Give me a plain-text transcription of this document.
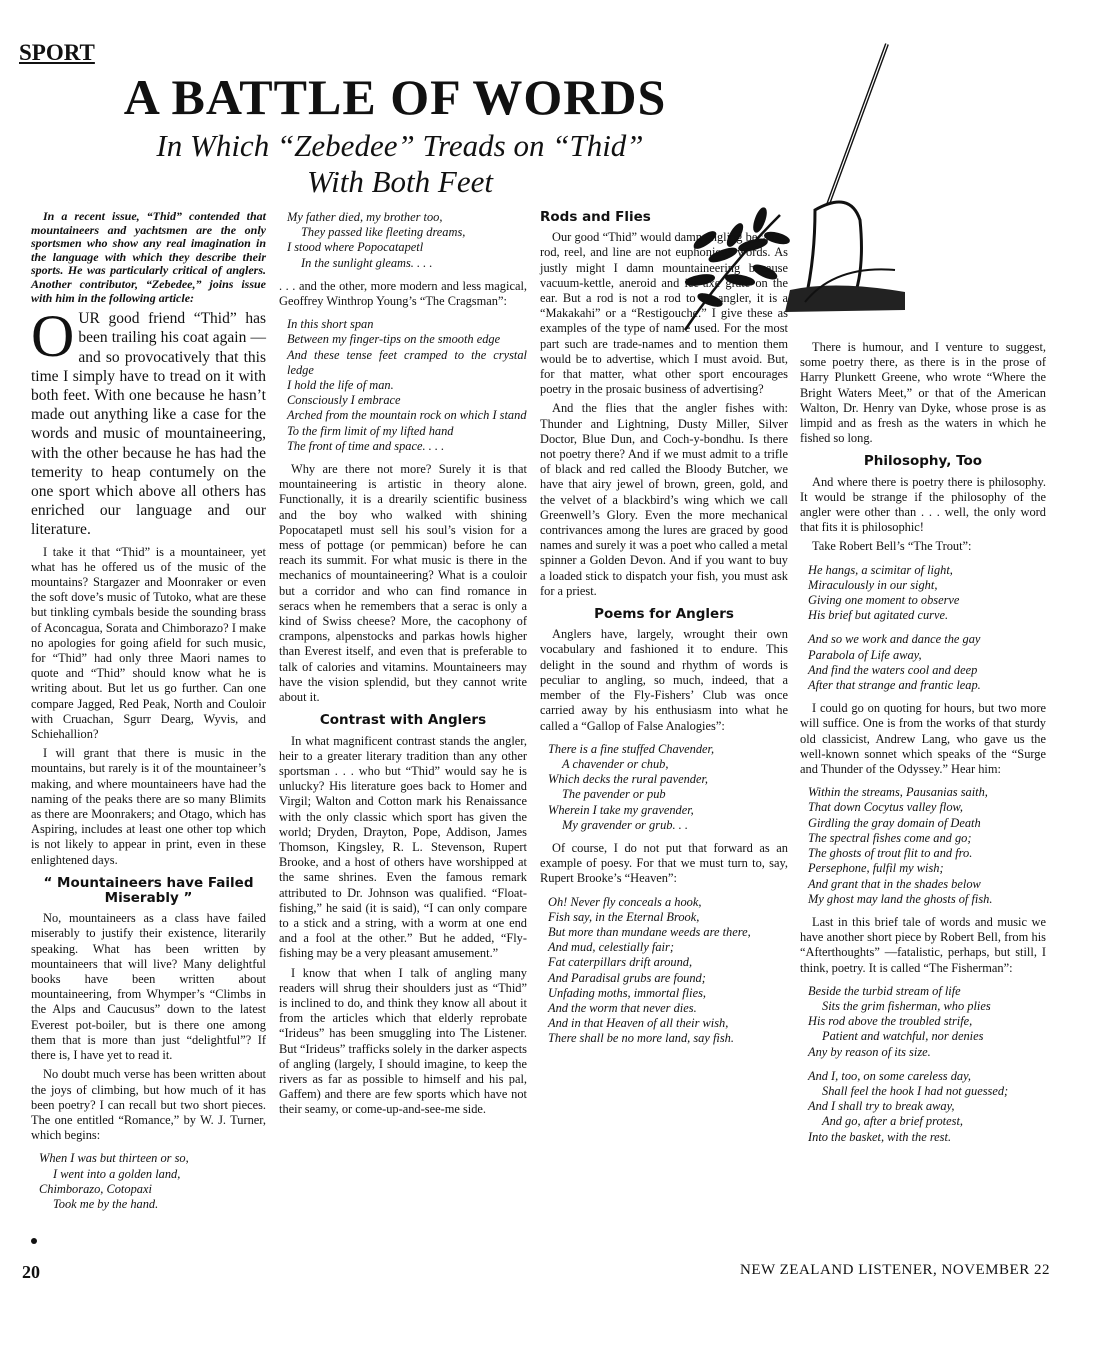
SPORT
A BATTLE OF WORDS
In Which “Zebedee” Treads on “Thid”
With Both Feet

In a recent issue, “Thid” contended that mountaineers and yachtsmen are the only sportsmen who show any real imagination in the language with which they describe their sports. He was particularly critical of anglers. Another contributor, “Zebedee,” joins issue with him in the following article:

OUR good friend “Thid” has been trailing his coat again — and so provocatively that this time I simply have to tread on it with both feet. With one because he hasn’t made out anything like a case for the words and music of mountaineering, with the other because he has had the temerity to heap contumely on the one sport which above all others has enriched our language and our literature.

I take it that “Thid” is a mountaineer, yet what has he offered us of the music of the mountains? Stargazer and Moonraker or even the soft dove’s music of Tutoko, what are these but tinkling cymbals beside the sounding brass of Aconcagua, Sorata and Chimborazo? I make no apologies for going afield for such music, for “Thid” had only three Maori names to quote and “Thid” should know what he is writing about. But let us go further. Can one compare Jagged, Red Peak, North and Couloir with Cruachan, Sgurr Dearg, Wyvis, and Schiehallion?

I will grant that there is music in the mountains, but rarely is it of the mountaineer’s making, and where mountaineers have had the naming of the peaks there are so many Blimits as there are Moonrakers; and Otago, which has Aspiring, includes at least one other top which is not likely to appear in print, even in these enlightened days.

“ Mountaineers have Failed Miserably ”

No, mountaineers as a class have failed miserably to justify their existence, literarily speaking. What has been written by mountaineers that will live? Many delightful books have been written about mountaineering, from Whymper’s “Climbs in the Alps and Caucusus” down to the latest Everest pot-boiler, but is there one among them that is more than just “delightful”? If there is, I have yet to read it.

No doubt much verse has been written about the joys of climbing, but how much of it has been poetry? I can recall but two short pieces. The one entitled “Romance,” by W. J. Turner, which begins:

When I was but thirteen or so,
I went into a golden land,
Chimborazo, Cotopaxi
Took me by the hand.
My father died, my brother too,
They passed like fleeting dreams,
I stood where Popocatapetl
In the sunlight gleams. . . .

. . . and the other, more modern and less magical, Geoffrey Winthrop Young’s “The Cragsman”:

In this short span
Between my finger-tips on the smooth edge
And these tense feet cramped to the crystal ledge
I hold the life of man.
Consciously I embrace
Arched from the mountain rock on which I stand
To the firm limit of my lifted hand
The front of time and space. . . .

Why are there not more? Surely it is that mountaineering is artistic in theory alone. Functionally, it is a drearily scientific business and the boy who walked with shining Popocatapetl must sell his soul’s vision for a mess of pottage (or pemmican) before he can reach its summit. For what music is there in the mechanics of mountaineering? What is a couloir but a corridor and who can find romance in seracs when he remembers that a serac is only a kind of Swiss cheese? More, the cacophony of crampons, alpenstocks and parkas howls higher than Everest itself, and even that is preferable to talk of calories and vitamins. Mountaineers may have the vision splendid, but they cannot write about it.

Contrast with Anglers

In what magnificent contrast stands the angler, heir to a greater literary tradition than any other sportsman . . . who but “Thid” would say he is unlucky? His literature goes back to Homer and Virgil; Walton and Cotton mark his Renaissance with the only classic which sport has given the world; Dryden, Drayton, Pope, Addison, James Thomson, Kingsley, R. L. Stevenson, Rupert Brooke, and a host of others have worshipped at the same shrines. Even the famous remark attributed to Dr. Johnson was qualified. “Float-fishing,” he said (it is said), “I can only compare to a stick and a string, with a worm at one end and a fool at the other.” But he added, “Fly-fishing may be a very pleasant amusement.”

I know that when I talk of angling many readers will shrug their shoulders just as “Thid” is inclined to do, and think they know all about it from the articles which that elderly reprobate “Irideus” has been smuggling into The Listener. But “Irideus” trafficks solely in the darker aspects of angling (largely, I should imagine, to keep the rivers as far as possible to himself and his pal, Gaffem) and there are few sports which have not their seamy, or come-up-and-see-me side.

Rods and Flies

Our good “Thid” would damn angling because, rod, reel, and line are not euphonious words. As justly might I damn mountaineering because vacuum-kettle, aneroid and ice-axe grate on the ear. But a rod is not a rod to an angler, it is a “Makakahi” or a “Restigouche.” I give these as examples of the type of name used. For the most part such are trade-names and to mention them would be to advertise, which I must avoid. But, for that matter, what other sport encourages poetry in the prosaic business of advertising?

And the flies that the angler fishes with: Thunder and Lightning, Dusty Miller, Silver Doctor, Blue Dun, and Coch-y-bondhu. Is there not poetry there? And if we must admit to a trifle of black and red called the Bloody Butcher, we have that airy jewel of brown, green, gold, and the velvet of a blackbird’s wing which we call Greenwell’s Glory. Even the more mechanical contrivances among the lures are graced by good names and surely it was a poet who called a metal spinner a Golden Devon. And if you want to buy a loaded stick to dispatch your fish, you must ask for a priest.

Poems for Anglers

Anglers have, largely, wrought their own vocabulary and fashioned it to endure. This delight in the sound and rhythm of words is peculiar to angling, so much, indeed, that a member of the Fly-Fishers’ Club was once carried away by his enthusiasm into what he called a “Gallop of False Analogies”:

There is a fine stuffed Chavender,
A chavender or chub,
Which decks the rural pavender,
The pavender or pub
Wherein I take my gravender,
My gravender or grub. . .

Of course, I do not put that forward as an example of poesy. For that we must turn to, say, Rupert Brooke’s “Heaven”:

Oh! Never fly conceals a hook,
Fish say, in the Eternal Brook,
But more than mundane weeds are there,
And mud, celestially fair;
Fat caterpillars drift around,
And Paradisal grubs are found;
Unfading moths, immortal flies,
And the worm that never dies.
And in that Heaven of all their wish,
There shall be no more land, say fish.

There is humour, and I venture to suggest, some poetry there, as there is in the prose of Harry Plunkett Greene, who wrote “Where the Bright Waters Meet,” or that of the American Walton, Dr. Henry van Dyke, whose prose is as limpid and as fresh as the waters in which he fished so long.

Philosophy, Too

And where there is poetry there is philosophy. It would be strange if the philosophy of the angler were other than . . . well, the only word that fits it is philosophic!

Take Robert Bell’s “The Trout”:

He hangs, a scimitar of light,
Miraculously in our sight,
Giving one moment to observe
His brief but agitated curve.
And so we work and dance the gay
Parabola of Life away,
And find the waters cool and deep
After that strange and frantic leap.

I could go on quoting for hours, but two more will suffice. One is from the works of that sturdy old classicist, Andrew Lang, who gave us the well-known sonnet which speaks of the “Surge and Thunder of the Odyssey.” Hear him:

Within the streams, Pausanias saith,
That down Cocytus valley flow,
Girdling the gray domain of Death
The spectral fishes come and go;
The ghosts of trout flit to and fro.
Persephone, fulfil my wish;
And grant that in the shades below
My ghost may land the ghosts of fish.

Last in this brief tale of words and music we have another short piece by Robert Bell, from his “Afterthoughts” —fatalistic, perhaps, but still, I think, poetry. It is called “The Fisherman”:

Beside the turbid stream of life
Sits the grim fisherman, who plies
His rod above the troubled strife,
Patient and watchful, nor denies
Any by reason of its size.
And I, too, on some careless day,
Shall feel the hook I had not guessed;
And I shall try to break away,
And go, after a brief protest,
Into the basket, with the rest.
20	NEW ZEALAND LISTENER, NOVEMBER 22
